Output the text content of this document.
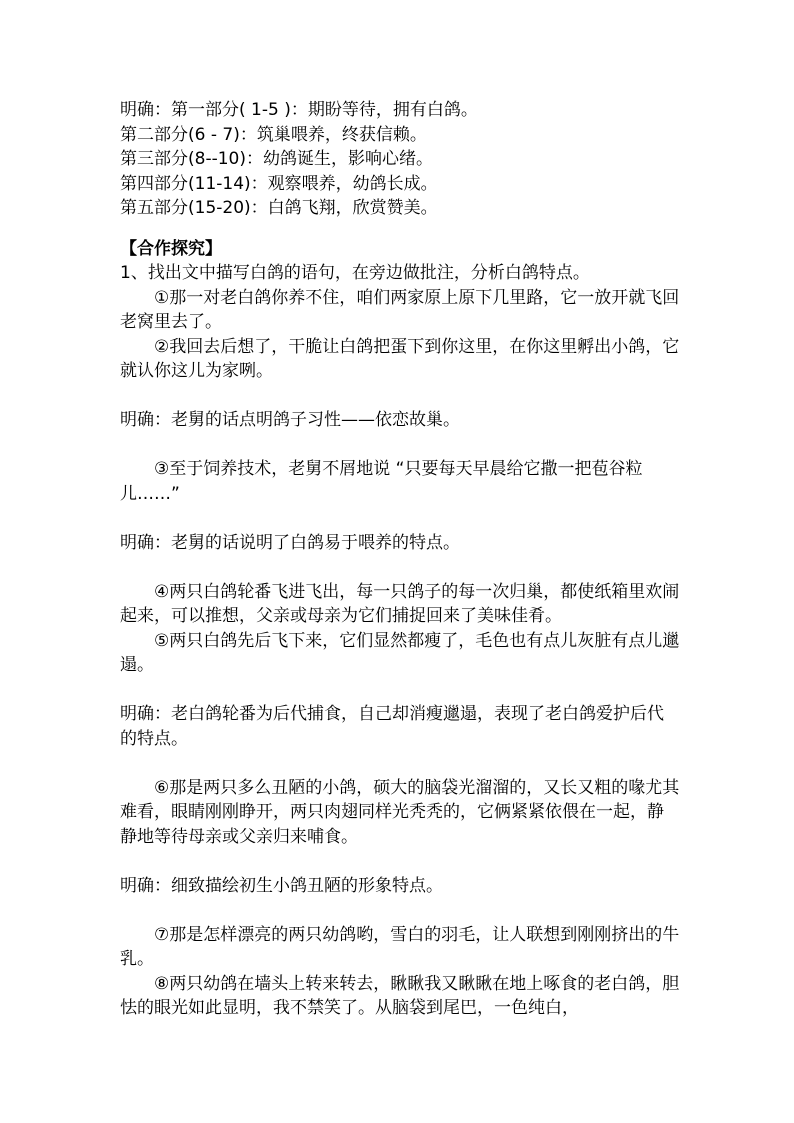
明确：第一部分( 1-5 )：期盼等待，拥有白鸽。

第二部分(6 - 7)：筑巢喂养，终获信赖。

第三部分(8--10)：幼鸽诞生，影响心绪。

第四部分(11-14)：观察喂养，幼鸽长成。

第五部分(15-20)：白鸽飞翔，欣赏赞美。

【合作探究】

1、找出文中描写白鸽的语句，在旁边做批注，分析白鸽特点。

①那一对老白鸽你养不住，咱们两家原上原下几里路，它一放开就飞回老窝里去了。

②我回去后想了，干脆让白鸽把蛋下到你这里，在你这里孵出小鸽，它就认你这儿为家咧。

明确：老舅的话点明鸽子习性——依恋故巢。

③至于饲养技术，老舅不屑地说 “只要每天早晨给它撒一把苞谷粒儿……”

明确：老舅的话说明了白鸽易于喂养的特点。

④两只白鸽轮番飞进飞出，每一只鸽子的每一次归巢，都使纸箱里欢闹起来，可以推想，父亲或母亲为它们捕捉回来了美味佳肴。

⑤两只白鸽先后飞下来，它们显然都瘦了，毛色也有点儿灰脏有点儿邋遢。

明确：老白鸽轮番为后代捕食，自己却消瘦邋遢，表现了老白鸽爱护后代的特点。

⑥那是两只多么丑陋的小鸽，硕大的脑袋光溜溜的，又长又粗的喙尤其难看，眼睛刚刚睁开，两只肉翅同样光秃秃的，它俩紧紧依偎在一起，静静地等待母亲或父亲归来哺食。

明确：细致描绘初生小鸽丑陋的形象特点。

⑦那是怎样漂亮的两只幼鸽哟，雪白的羽毛，让人联想到刚刚挤出的牛乳。

⑧两只幼鸽在墙头上转来转去，瞅瞅我又瞅瞅在地上啄食的老白鸽，胆怯的眼光如此显明，我不禁笑了。从脑袋到尾巴，一色纯白，
